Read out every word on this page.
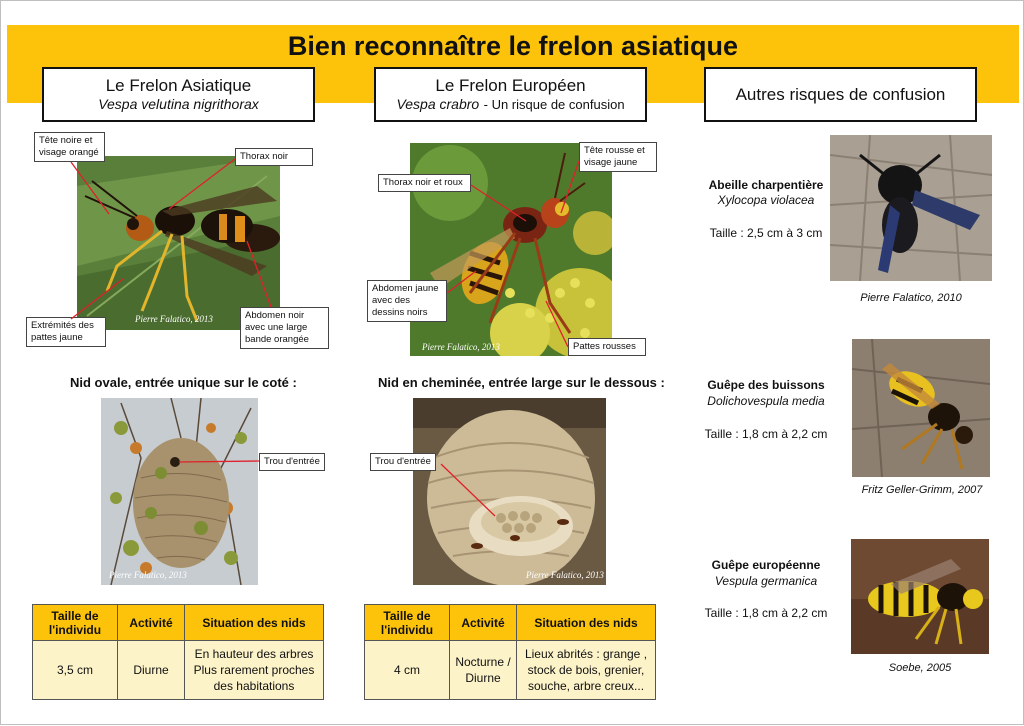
Bien reconnaître le frelon asiatique
Le Frelon Asiatique
Vespa velutina nigrithorax
Le Frelon Européen
Vespa crabro - Un risque de confusion
Autres risques de confusion
Pierre Falatico, 2013
Pierre Falatico, 2013
Tête noire et visage orangé	Thorax noir
Extrémités des pattes jaune
Abdomen noir avec une large bande orangée
Tête rousse et visage jaune
Thorax noir et roux
Abdomen jaune avec des dessins noirs
Pattes rousses
Nid ovale, entrée unique sur le coté :	Nid en cheminée, entrée large sur le dessous :
Pierre Falatico, 2013	Pierre Falatico, 2013
Trou d'entrée	Trou d'entrée
Taille de l'individu	Activité	Situation des nids
3,5 cm	Diurne	En hauteur des arbres Plus rarement proches des habitations
Taille de l'individu	Activité	Situation des nids
4 cm	Nocturne / Diurne	Lieux abrités : grange , stock de bois, grenier, souche, arbre creux...
Abeille charpentière
Xylocopa violacea
Taille : 2,5 cm à 3 cm
Pierre Falatico, 2010
Guêpe des buissons
Dolichovespula media
Taille : 1,8 cm à 2,2 cm
Fritz Geller-Grimm, 2007
Guêpe européenne
Vespula germanica
Taille : 1,8 cm à 2,2 cm
Soebe, 2005
